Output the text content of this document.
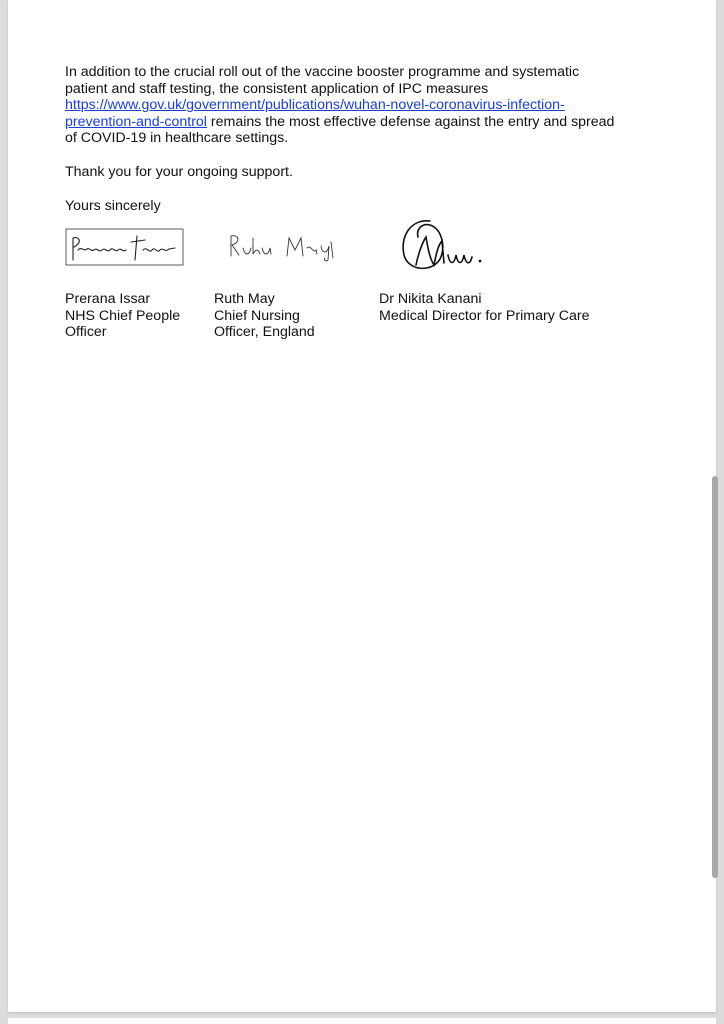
In addition to the crucial roll out of the vaccine booster programme and systematic patient and staff testing, the consistent application of IPC measures https://www.gov.uk/government/publications/wuhan-novel-coronavirus-infection-prevention-and-control remains the most effective defense against the entry and spread of COVID-19 in healthcare settings.

Thank you for your ongoing support.

Yours sincerely

Prerana Issar
NHS Chief People
Officer
Ruth May
Chief Nursing
Officer, England
Dr Nikita Kanani
Medical Director for Primary Care
